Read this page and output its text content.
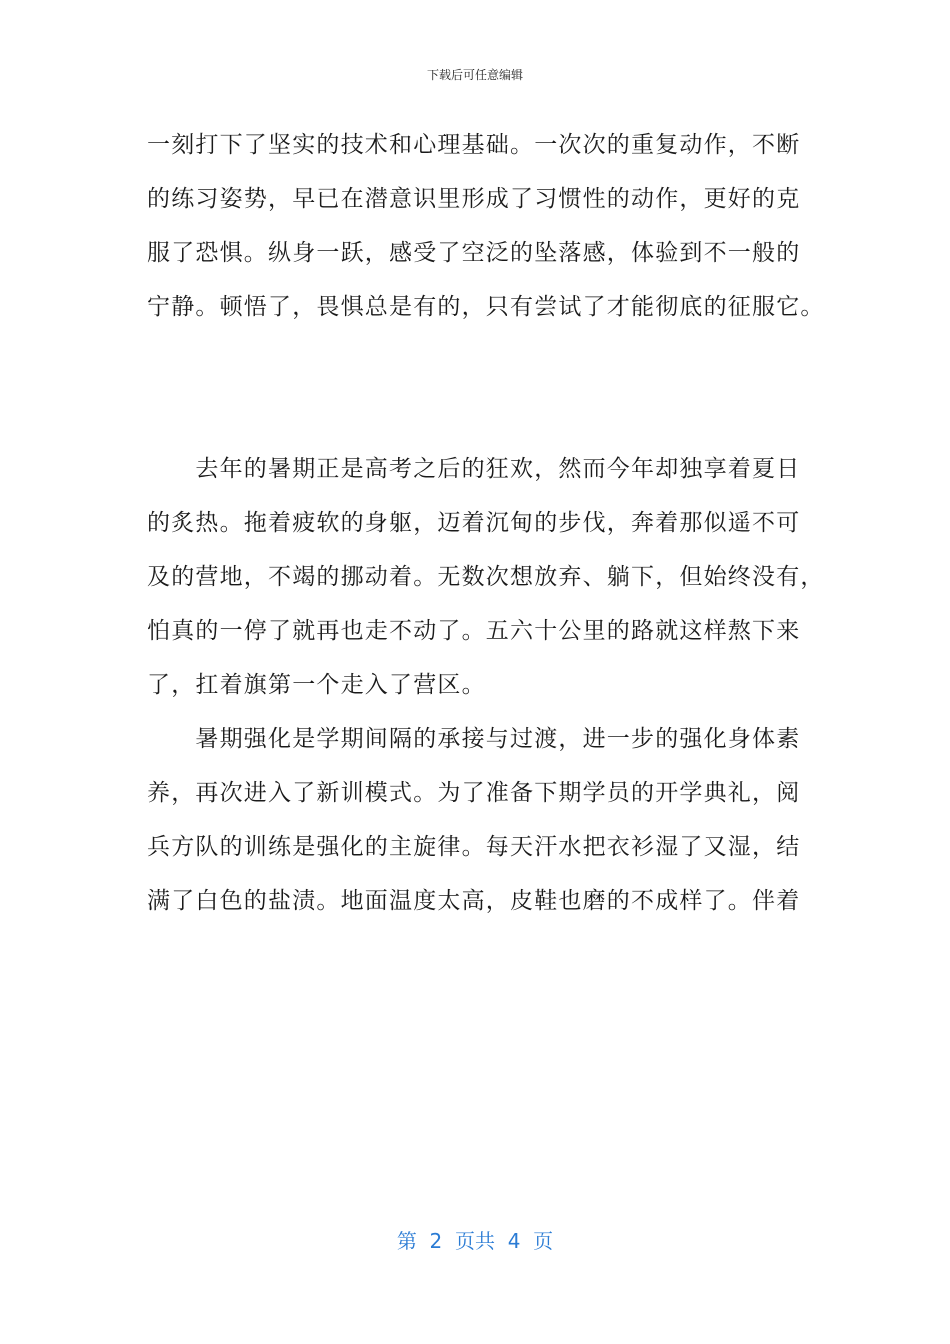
下载后可任意编辑
一刻打下了坚实的技术和心理基础。一次次的重复动作，不断
的练习姿势，早已在潜意识里形成了习惯性的动作，更好的克
服了恐惧。纵身一跃，感受了空泛的坠落感，体验到不一般的
宁静。顿悟了，畏惧总是有的，只有尝试了才能彻底的征服它。
　　去年的暑期正是高考之后的狂欢，然而今年却独享着夏日
的炙热。拖着疲软的身躯，迈着沉甸的步伐，奔着那似遥不可
及的营地，不竭的挪动着。无数次想放弃、躺下，但始终没有，
怕真的一停了就再也走不动了。五六十公里的路就这样熬下来
了，扛着旗第一个走入了营区。
　　暑期强化是学期间隔的承接与过渡，进一步的强化身体素
养，再次进入了新训模式。为了准备下期学员的开学典礼，阅
兵方队的训练是强化的主旋律。每天汗水把衣衫湿了又湿，结
满了白色的盐渍。地面温度太高，皮鞋也磨的不成样了。伴着
第  2  页共  4  页
